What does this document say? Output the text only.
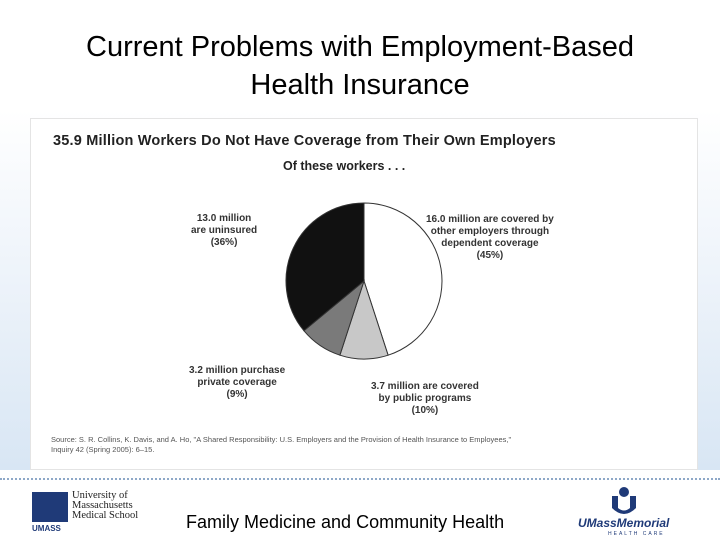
Current Problems with Employment-Based
Health Insurance
35.9 Million Workers Do Not Have Coverage from Their Own Employers
Of these workers . . .
16.0 million are covered by
other employers through
dependent coverage
(45%)
3.7 million are covered
by public programs
(10%)
3.2 million purchase
private coverage
(9%)
13.0 million
are uninsured
(36%)
Source: S. R. Collins, K. Davis, and A. Ho, "A Shared Responsibility: U.S. Employers and the Provision of Health Insurance to Employees,"
Inquiry 42 (Spring 2005): 6–15.
University of
Massachusetts
Medical School
UMASS	Family Medicine and Community Health	UMassMemorial
HEALTH CARE
